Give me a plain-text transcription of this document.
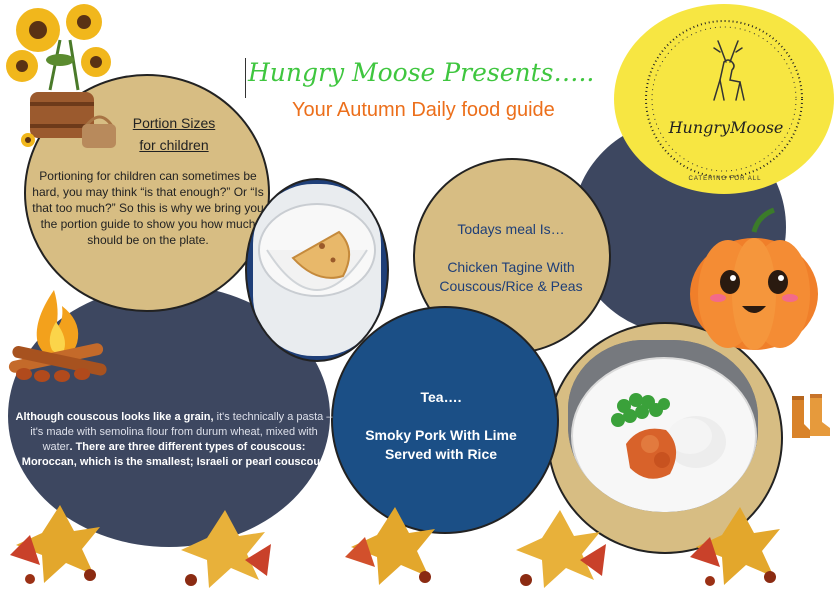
HungryMoose
CATERING FOR ALL
Hungry Moose Presents…..
Your Autumn Daily food guide
Portion Sizes
for children
Portioning for children can sometimes be hard, you may think “is that enough?” Or “Is that too much?” So this is why we bring you the portion guide to show you how much should be on the plate.
Todays meal Is…
Chicken Tagine With
Couscous/Rice & Peas
Tea….
Smoky Pork With Lime
Served with Rice
Although couscous looks like a grain, it's technically a pasta – it's made with semolina flour from durum wheat, mixed with water. There are three different types of couscous: Moroccan, which is the smallest; Israeli or pearl couscous
